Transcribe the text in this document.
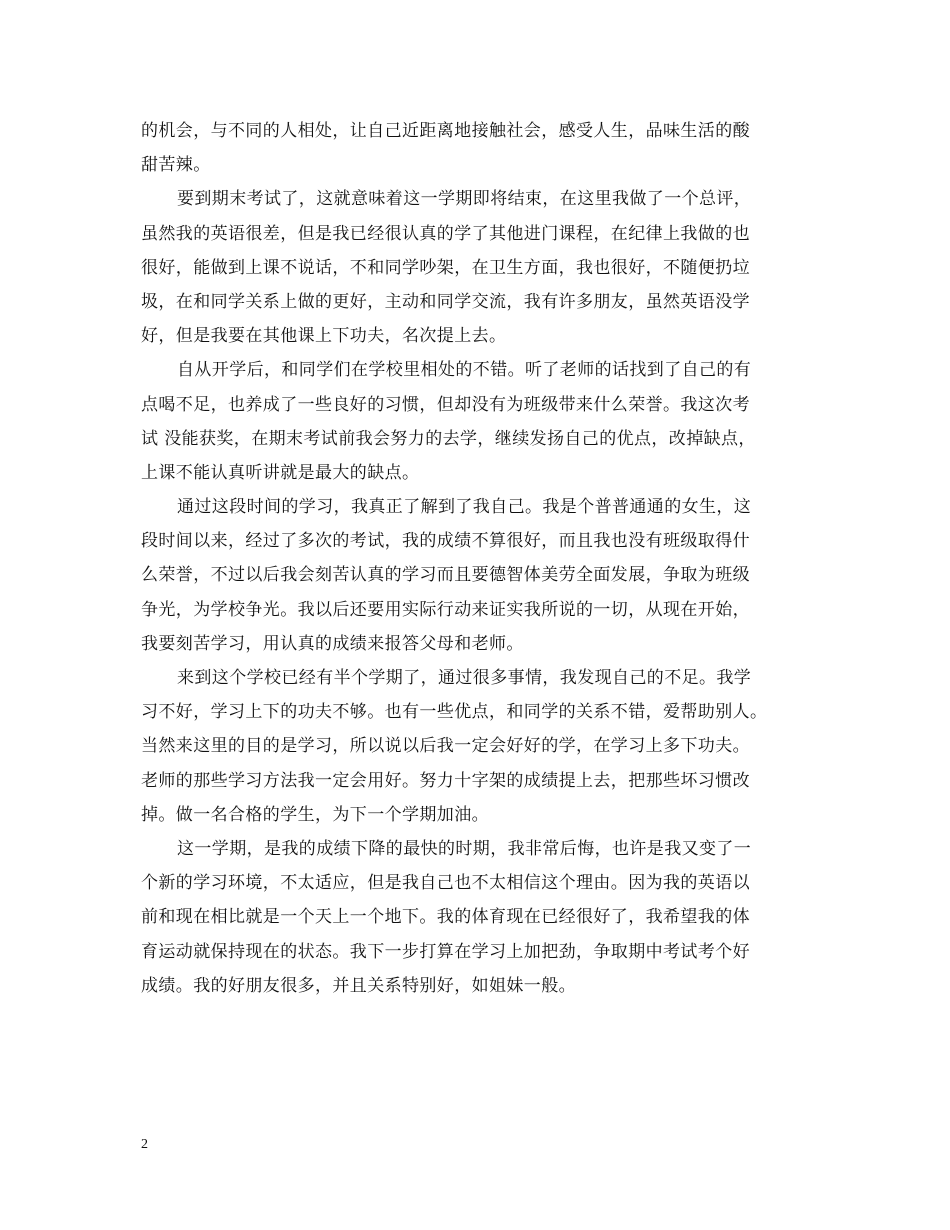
的机会，与不同的人相处，让自己近距离地接触社会，感受人生，品味生活的酸
甜苦辣。
要到期末考试了，这就意味着这一学期即将结束，在这里我做了一个总评，
虽然我的英语很差，但是我已经很认真的学了其他进门课程，在纪律上我做的也
很好，能做到上课不说话，不和同学吵架，在卫生方面，我也很好，不随便扔垃
圾，在和同学关系上做的更好，主动和同学交流，我有许多朋友，虽然英语没学
好，但是我要在其他课上下功夫，名次提上去。
自从开学后，和同学们在学校里相处的不错。听了老师的话找到了自己的有
点喝不足，也养成了一些良好的习惯，但却没有为班级带来什么荣誉。我这次考
试 没能获奖，在期末考试前我会努力的去学，继续发扬自己的优点，改掉缺点，
上课不能认真听讲就是最大的缺点。
通过这段时间的学习，我真正了解到了我自己。我是个普普通通的女生，这
段时间以来，经过了多次的考试，我的成绩不算很好，而且我也没有班级取得什
么荣誉，不过以后我会刻苦认真的学习而且要德智体美劳全面发展，争取为班级
争光，为学校争光。我以后还要用实际行动来证实我所说的一切，从现在开始，
我要刻苦学习，用认真的成绩来报答父母和老师。
来到这个学校已经有半个学期了，通过很多事情，我发现自己的不足。我学
习不好，学习上下的功夫不够。也有一些优点，和同学的关系不错，爱帮助别人。
当然来这里的目的是学习，所以说以后我一定会好好的学，在学习上多下功夫。
老师的那些学习方法我一定会用好。努力十字架的成绩提上去，把那些坏习惯改
掉。做一名合格的学生，为下一个学期加油。
这一学期，是我的成绩下降的最快的时期，我非常后悔，也许是我又变了一
个新的学习环境，不太适应，但是我自己也不太相信这个理由。因为我的英语以
前和现在相比就是一个天上一个地下。我的体育现在已经很好了，我希望我的体
育运动就保持现在的状态。我下一步打算在学习上加把劲，争取期中考试考个好
成绩。我的好朋友很多，并且关系特别好，如姐妹一般。
2
